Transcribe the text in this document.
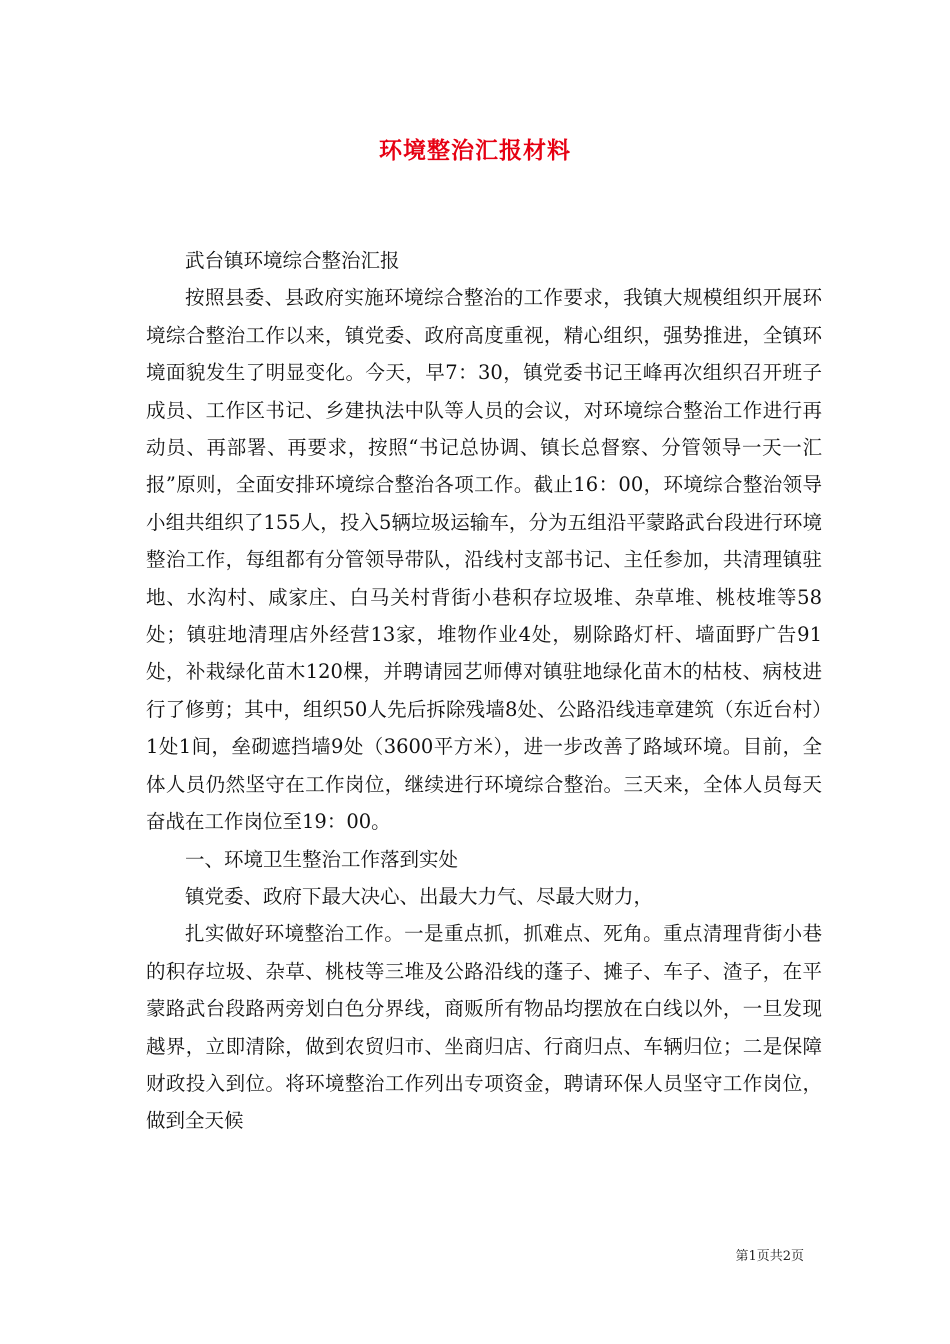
环境整治汇报材料

武台镇环境综合整治汇报

按照县委、县政府实施环境综合整治的工作要求，我镇大规模组织开展环境综合整治工作以来，镇党委、政府高度重视，精心组织，强势推进，全镇环境面貌发生了明显变化。今天，早7：30，镇党委书记王峰再次组织召开班子成员、工作区书记、乡建执法中队等人员的会议，对环境综合整治工作进行再动员、再部署、再要求，按照“书记总协调、镇长总督察、分管领导一天一汇报”原则，全面安排环境综合整治各项工作。截止16：00，环境综合整治领导小组共组织了155人，投入5辆垃圾运输车，分为五组沿平蒙路武台段进行环境整治工作，每组都有分管领导带队，沿线村支部书记、主任参加，共清理镇驻地、水沟村、咸家庄、白马关村背街小巷积存垃圾堆、杂草堆、桃枝堆等58处；镇驻地清理店外经营13家，堆物作业4处，剔除路灯杆、墙面野广告91处，补栽绿化苗木120棵，并聘请园艺师傅对镇驻地绿化苗木的枯枝、病枝进行了修剪；其中，组织50人先后拆除残墙8处、公路沿线违章建筑（东近台村）1处1间，垒砌遮挡墙9处（3600平方米），进一步改善了路域环境。目前，全体人员仍然坚守在工作岗位，继续进行环境综合整治。三天来，全体人员每天奋战在工作岗位至19：00。

一、环境卫生整治工作落到实处

镇党委、政府下最大决心、出最大力气、尽最大财力，

扎实做好环境整治工作。一是重点抓，抓难点、死角。重点清理背街小巷的积存垃圾、杂草、桃枝等三堆及公路沿线的蓬子、摊子、车子、渣子，在平蒙路武台段路两旁划白色分界线，商贩所有物品均摆放在白线以外，一旦发现越界，立即清除，做到农贸归市、坐商归店、行商归点、车辆归位；二是保障财政投入到位。将环境整治工作列出专项资金，聘请环保人员坚守工作岗位，做到全天候

第1页共2页
